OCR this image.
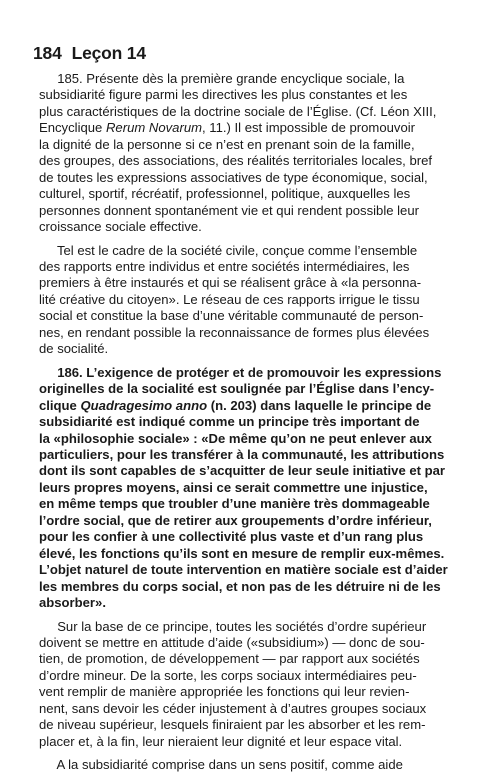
184 Leçon 14
185. Présente dès la première grande encyclique sociale, la
subsidiarité figure parmi les directives les plus constantes et les
plus caractéristiques de la doctrine sociale de l’Église. (Cf. Léon XIII,
Encyclique Rerum Novarum, 11.) Il est impossible de promouvoir
la dignité de la personne si ce n’est en prenant soin de la famille,
des groupes, des associations, des réalités territoriales locales, bref
de toutes les expressions associatives de type économique, social,
culturel, sportif, récréatif, professionnel, politique, auxquelles les
personnes donnent spontanément vie et qui rendent possible leur
croissance sociale effective.
Tel est le cadre de la société civile, conçue comme l’ensemble
des rapports entre individus et entre sociétés intermédiaires, les
premiers à être instaurés et qui se réalisent grâce à «la personna-
lité créative du citoyen». Le réseau de ces rapports irrigue le tissu
social et constitue la base d’une véritable communauté de person-
nes, en rendant possible la reconnaissance de formes plus élevées
de socialité.
186. L’exigence de protéger et de promouvoir les expressions
originelles de la socialité est soulignée par l’Église dans l’ency-
clique Quadragesimo anno (n. 203) dans laquelle le principe de
subsidiarité est indiqué comme un principe très important de
la «philosophie sociale» : «De même qu’on ne peut enlever aux
particuliers, pour les transférer à la communauté, les attributions
dont ils sont capables de s’acquitter de leur seule initiative et par
leurs propres moyens, ainsi ce serait commettre une injustice,
en même temps que troubler d’une manière très dommageable
l’ordre social, que de retirer aux groupements d’ordre inférieur,
pour les confier à une collectivité plus vaste et d’un rang plus
élevé, les fonctions qu’ils sont en mesure de remplir eux-mêmes.
L’objet naturel de toute intervention en matière sociale est d’aider
les membres du corps social, et non pas de les détruire ni de les
absorber».
Sur la base de ce principe, toutes les sociétés d’ordre supérieur
doivent se mettre en attitude d’aide («subsidium») — donc de sou-
tien, de promotion, de développement — par rapport aux sociétés
d’ordre mineur. De la sorte, les corps sociaux intermédiaires peu-
vent remplir de manière appropriée les fonctions qui leur revien-
nent, sans devoir les céder injustement à d’autres groupes sociaux
de niveau supérieur, lesquels finiraient par les absorber et les rem-
placer et, à la fin, leur nieraient leur dignité et leur espace vital.
A la subsidiarité comprise dans un sens positif, comme aide
